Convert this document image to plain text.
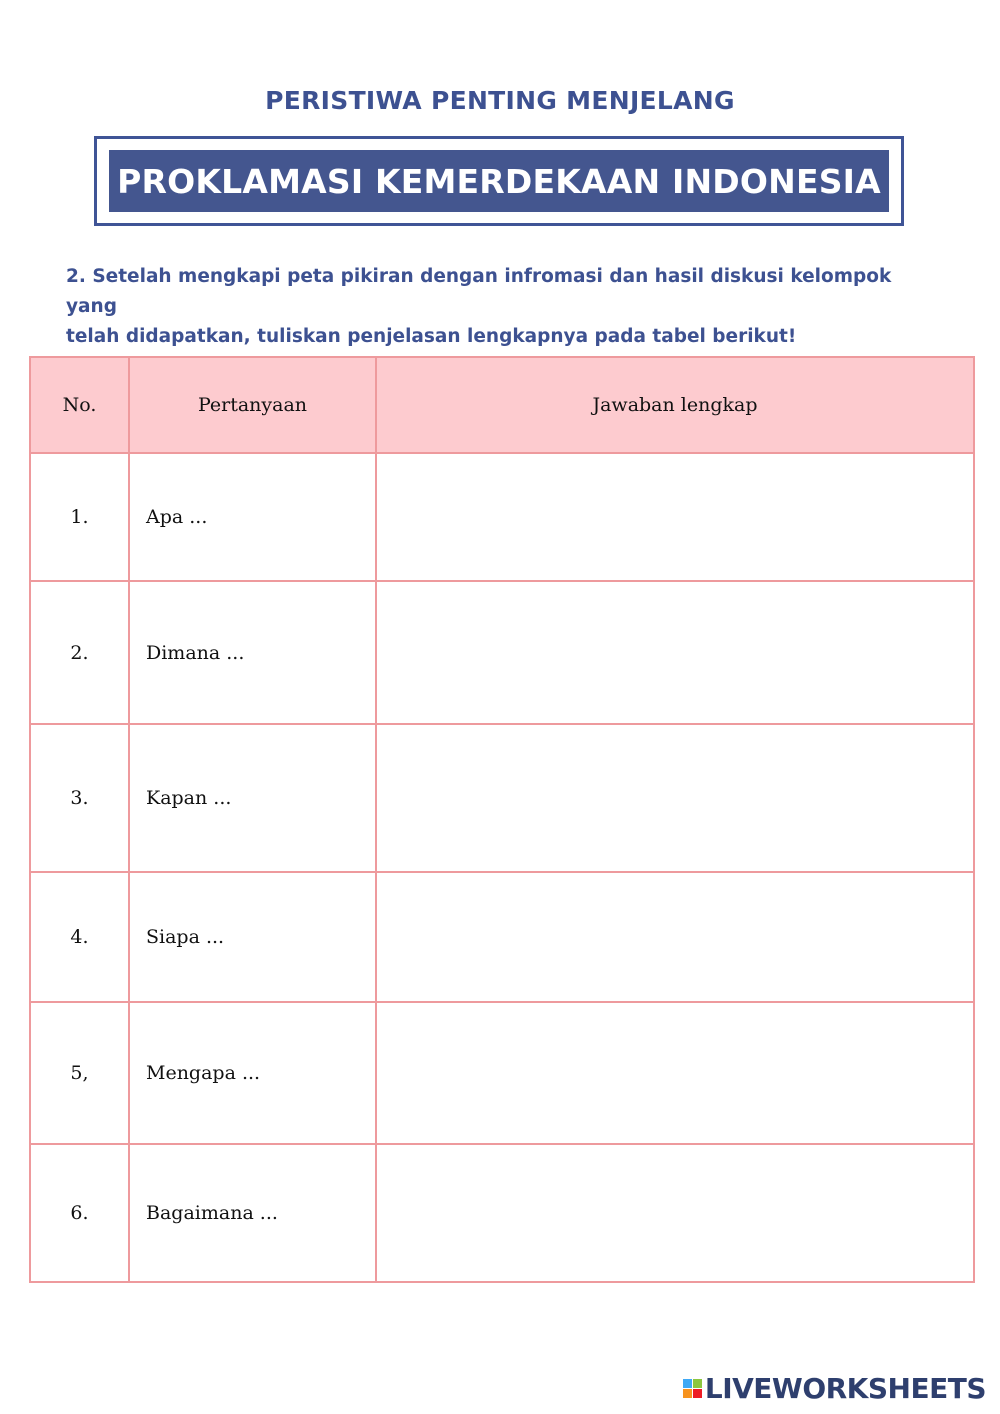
PERISTIWA PENTING MENJELANG
PROKLAMASI KEMERDEKAAN INDONESIA
2. Setelah mengkapi peta pikiran dengan infromasi dan hasil diskusi kelompok yang
telah didapatkan, tuliskan penjelasan lengkapnya pada tabel berikut!
No.	Pertanyaan	Jawaban lengkap
1.	Apa ...	
2.	Dimana ...	
3.	Kapan ...	
4.	Siapa ...	
5,	Mengapa ...	
6.	Bagaimana ...	
LIVEWORKSHEETS
